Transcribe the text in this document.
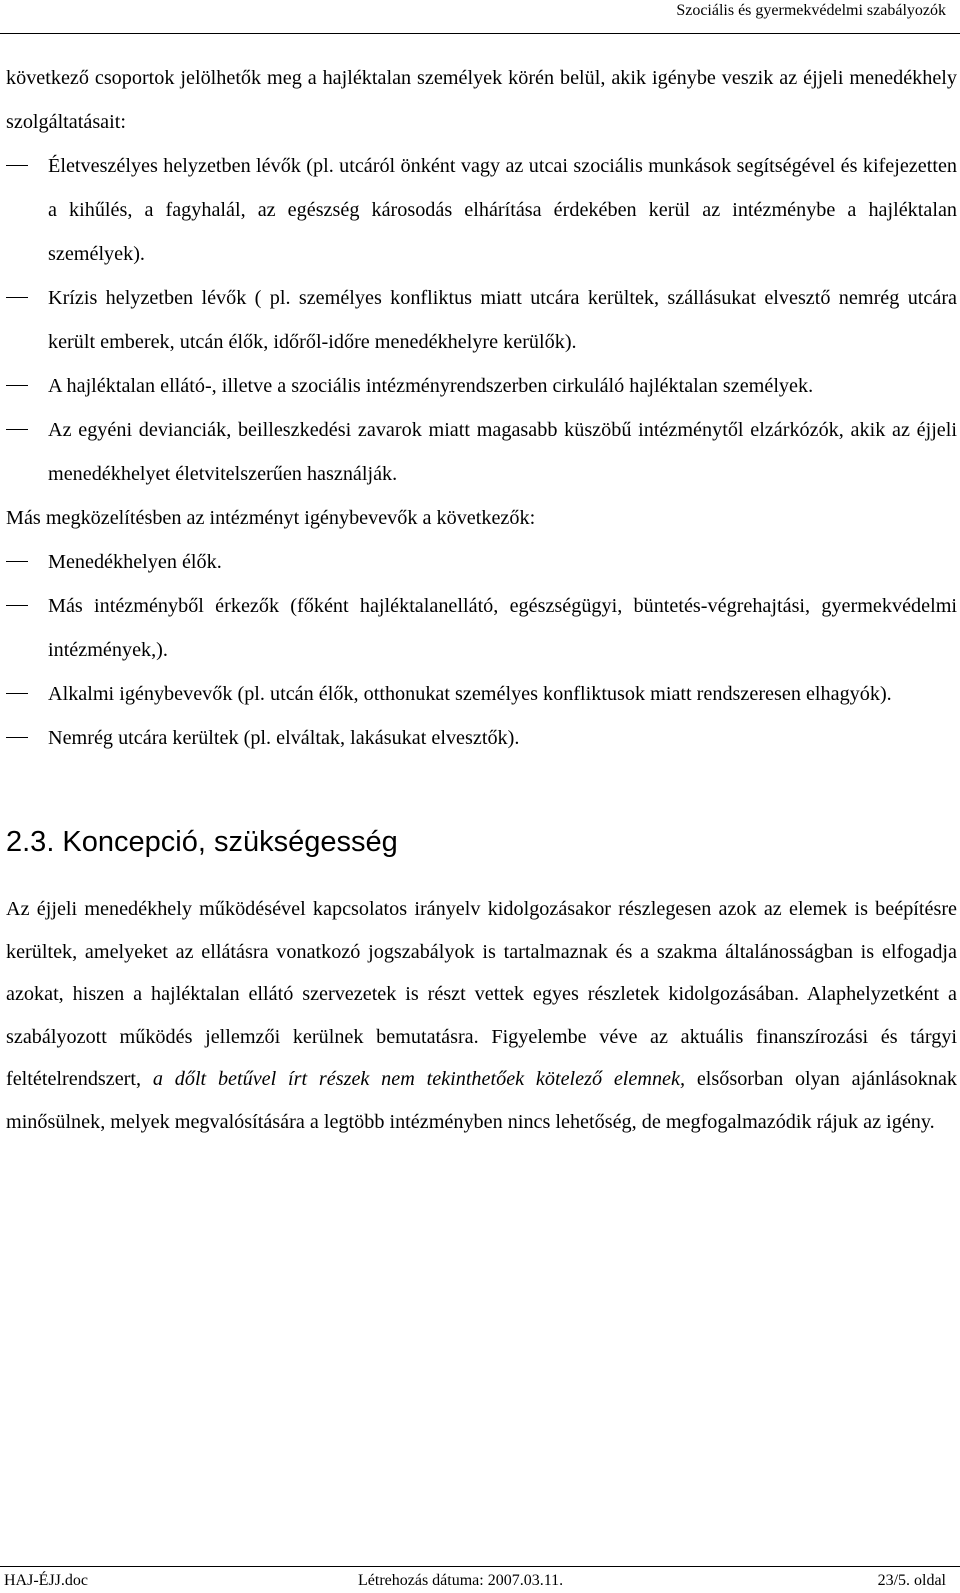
Szociális és gyermekvédelmi szabályozók

következő csoportok jelölhetők meg a hajléktalan személyek körén belül, akik igénybe veszik az éjjeli menedékhely szolgáltatásait:

Életveszélyes helyzetben lévők (pl. utcáról önként vagy az utcai szociális munkások segítségével és kifejezetten a kihűlés, a fagyhalál, az egészség károsodás elhárítása érdekében kerül az intézménybe a hajléktalan személyek).
Krízis helyzetben lévők ( pl. személyes konfliktus miatt utcára kerültek, szállásukat elvesztő nemrég utcára került emberek, utcán élők, időről-időre menedékhelyre kerülők).
A hajléktalan ellátó-, illetve a szociális intézményrendszerben cirkuláló hajléktalan személyek.
Az egyéni devianciák, beilleszkedési zavarok miatt magasabb küszöbű intézménytől elzárkózók, akik az éjjeli menedékhelyet életvitelszerűen használják.

Más megközelítésben az intézményt igénybevevők a következők:

Menedékhelyen élők.
Más intézményből érkezők (főként hajléktalanellátó, egészségügyi, büntetés-végrehajtási, gyermekvédelmi intézmények,).
Alkalmi igénybevevők (pl. utcán élők, otthonukat személyes konfliktusok miatt rendszeresen elhagyók).
Nemrég utcára kerültek (pl. elváltak, lakásukat elvesztők).
2.3. Koncepció, szükségesség

Az éjjeli menedékhely működésével kapcsolatos irányelv kidolgozásakor részlegesen azok az elemek is beépítésre kerültek, amelyeket az ellátásra vonatkozó jogszabályok is tartalmaznak és a szakma általánosságban is elfogadja azokat, hiszen a hajléktalan ellátó szervezetek is részt vettek egyes részletek kidolgozásában. Alaphelyzetként a szabályozott működés jellemzői kerülnek bemutatásra. Figyelembe véve az aktuális finanszírozási és tárgyi feltételrendszert, a dőlt betűvel írt részek nem tekinthetőek kötelező elemnek, elsősorban olyan ajánlásoknak minősülnek, melyek megvalósítására a legtöbb intézményben nincs lehetőség, de megfogalmazódik rájuk az igény.

HAJ-ÉJJ.doc	Létrehozás dátuma: 2007.03.11.	23/5. oldal
